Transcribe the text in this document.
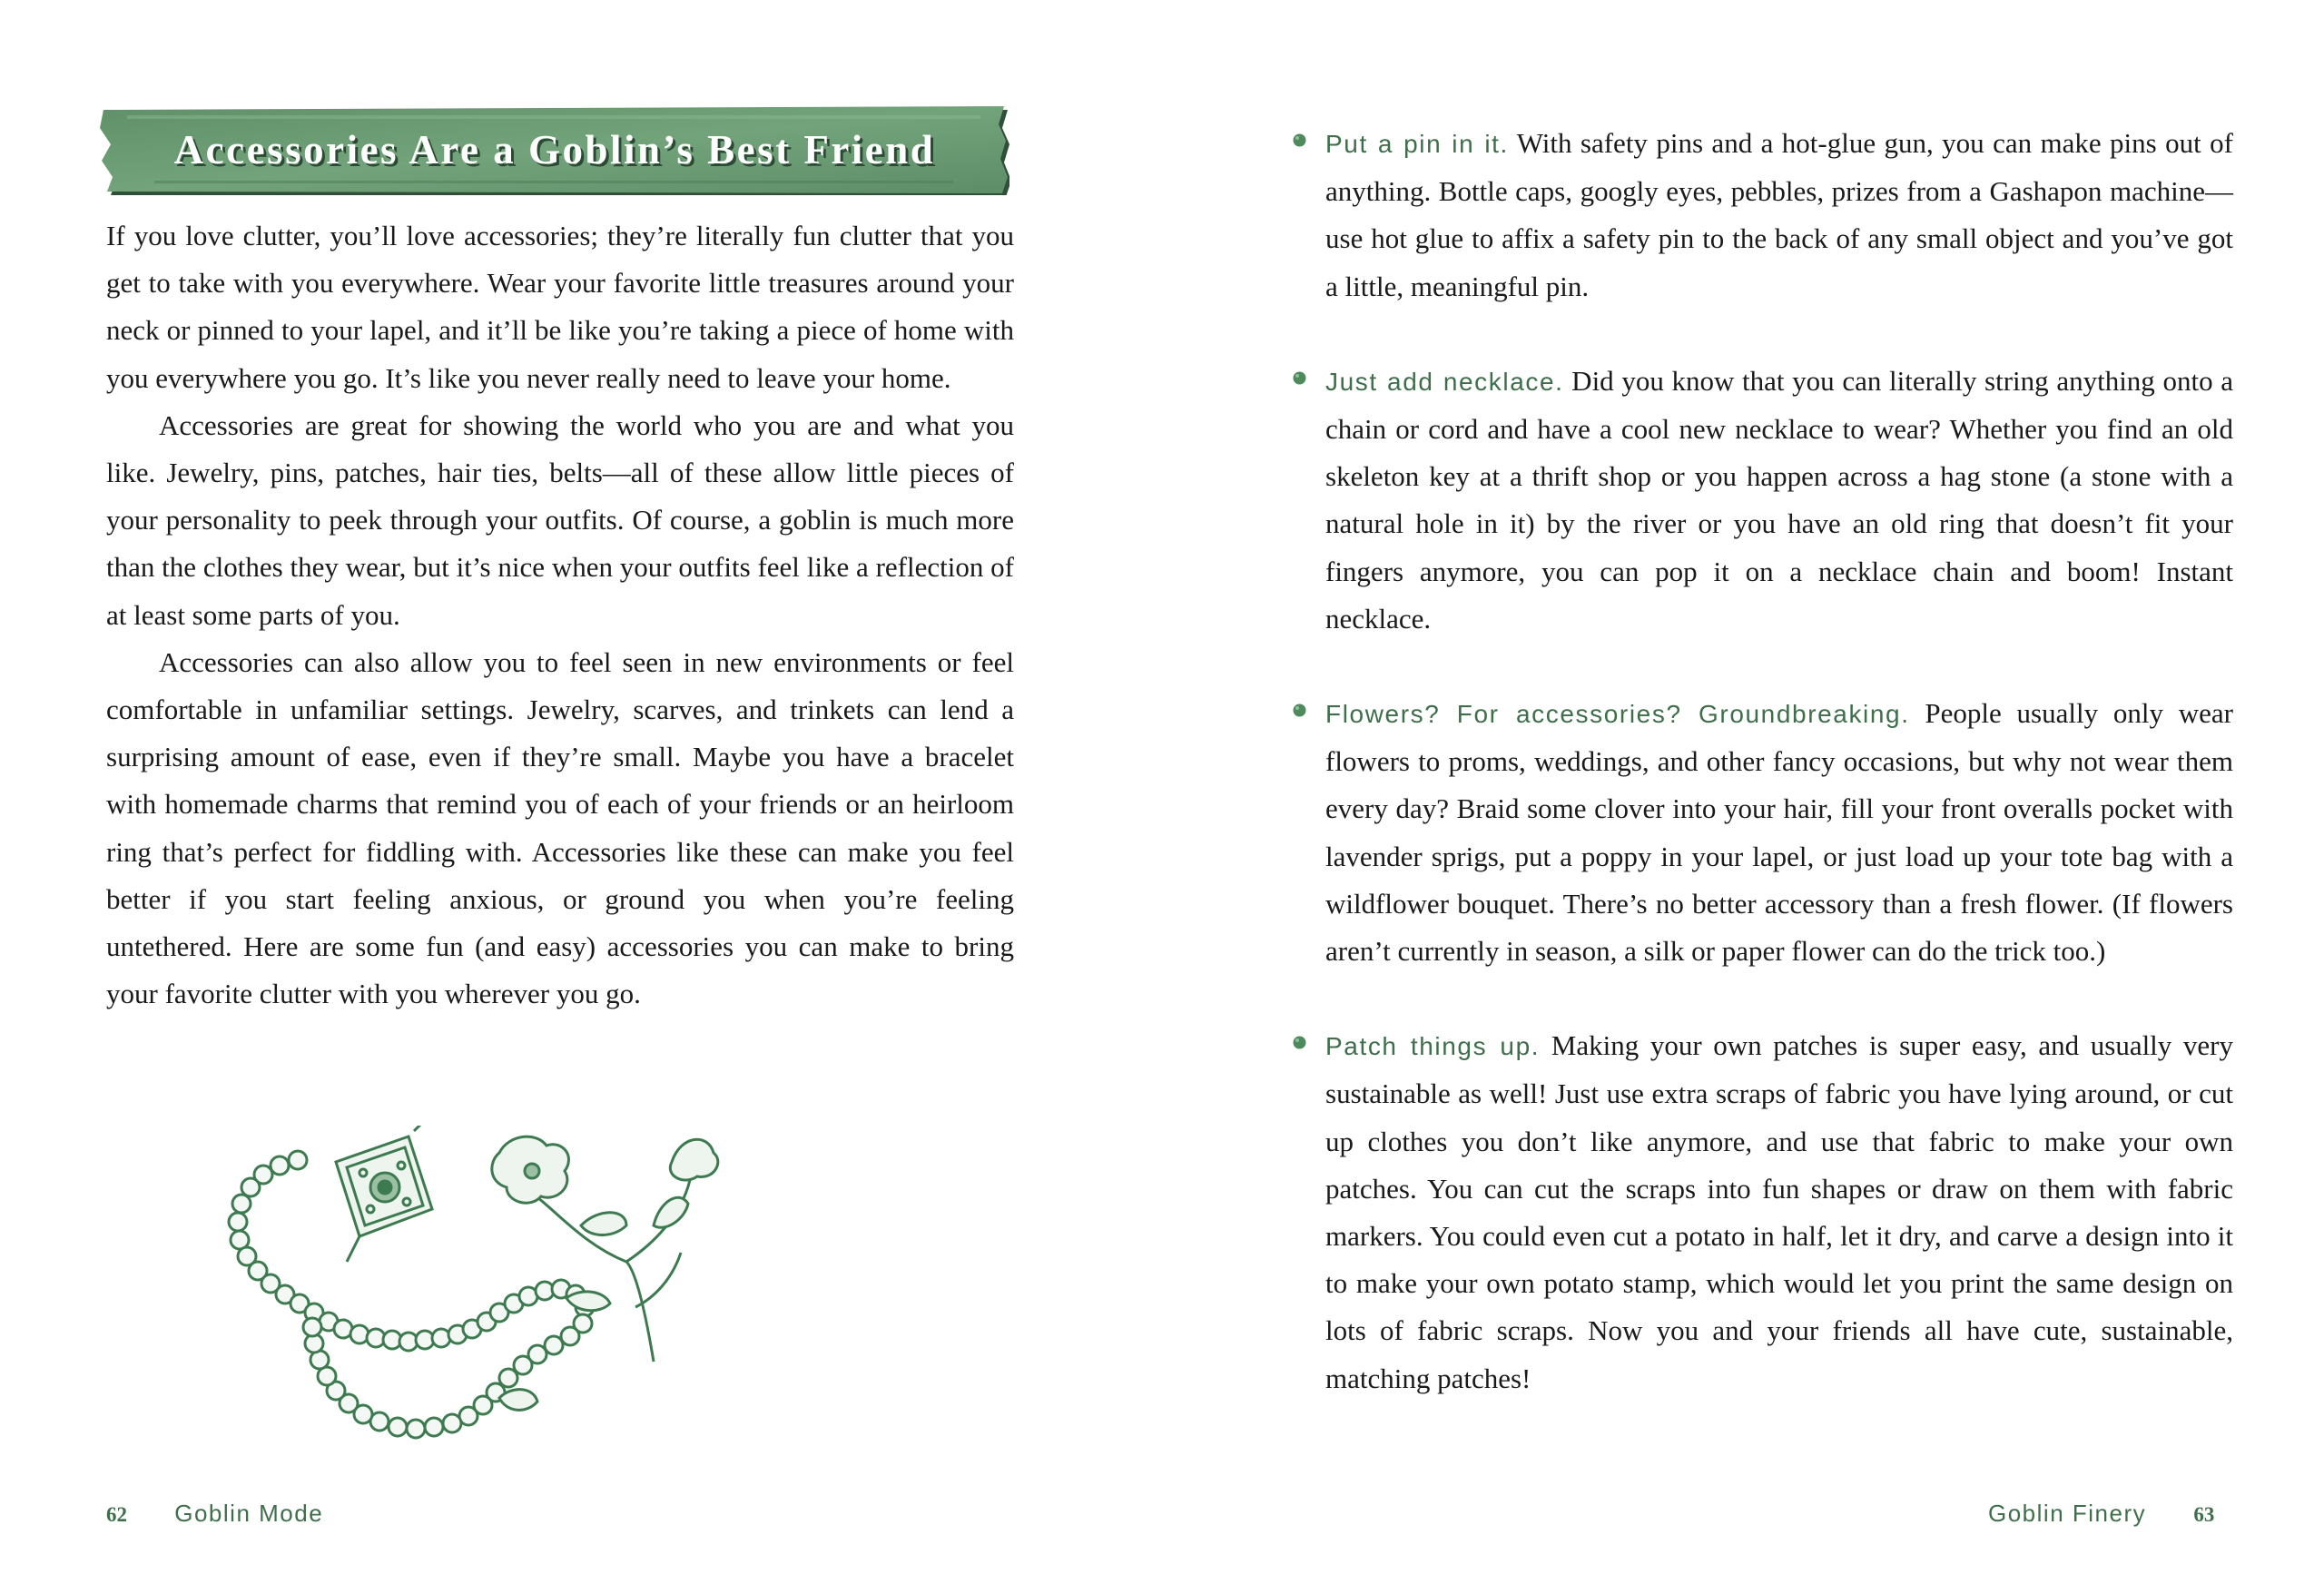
Accessories Are a Goblin’s Best Friend

If you love clutter, you’ll love accessories; they’re literally fun clutter that you get to take with you everywhere. Wear your favorite little treasures around your neck or pinned to your lapel, and it’ll be like you’re taking a piece of home with you everywhere you go. It’s like you never really need to leave your home.

Accessories are great for showing the world who you are and what you like. Jewelry, pins, patches, hair ties, belts—all of these allow little pieces of your personality to peek through your outfits. Of course, a goblin is much more than the clothes they wear, but it’s nice when your outfits feel like a reflection of at least some parts of you.

Accessories can also allow you to feel seen in new environments or feel comfortable in unfamiliar settings. Jewelry, scarves, and trinkets can lend a surprising amount of ease, even if they’re small. Maybe you have a bracelet with homemade charms that remind you of each of your friends or an heirloom ring that’s perfect for fiddling with. Accessories like these can make you feel better if you start feeling anxious, or ground you when you’re feeling untethered. Here are some fun (and easy) accessories you can make to bring your favorite clutter with you wherever you go.

62 Goblin Mode

Put a pin in it. With safety pins and a hot-glue gun, you can make pins out of anything. Bottle caps, googly eyes, pebbles, prizes from a Gashapon machine—use hot glue to affix a safety pin to the back of any small object and you’ve got a little, meaningful pin.

Just add necklace. Did you know that you can literally string anything onto a chain or cord and have a cool new necklace to wear? Whether you find an old skeleton key at a thrift shop or you happen across a hag stone (a stone with a natural hole in it) by the river or you have an old ring that doesn’t fit your fingers anymore, you can pop it on a necklace chain and boom! Instant necklace.

Flowers? For accessories? Groundbreaking. People usually only wear flowers to proms, weddings, and other fancy occasions, but why not wear them every day? Braid some clover into your hair, fill your front overalls pocket with lavender sprigs, put a poppy in your lapel, or just load up your tote bag with a wildflower bouquet. There’s no better accessory than a fresh flower. (If flowers aren’t currently in season, a silk or paper flower can do the trick too.)

Patch things up. Making your own patches is super easy, and usually very sustainable as well! Just use extra scraps of fabric you have lying around, or cut up clothes you don’t like anymore, and use that fabric to make your own patches. You can cut the scraps into fun shapes or draw on them with fabric markers. You could even cut a potato in half, let it dry, and carve a design into it to make your own potato stamp, which would let you print the same design on lots of fabric scraps. Now you and your friends all have cute, sustainable, matching patches!

Goblin Finery 63
